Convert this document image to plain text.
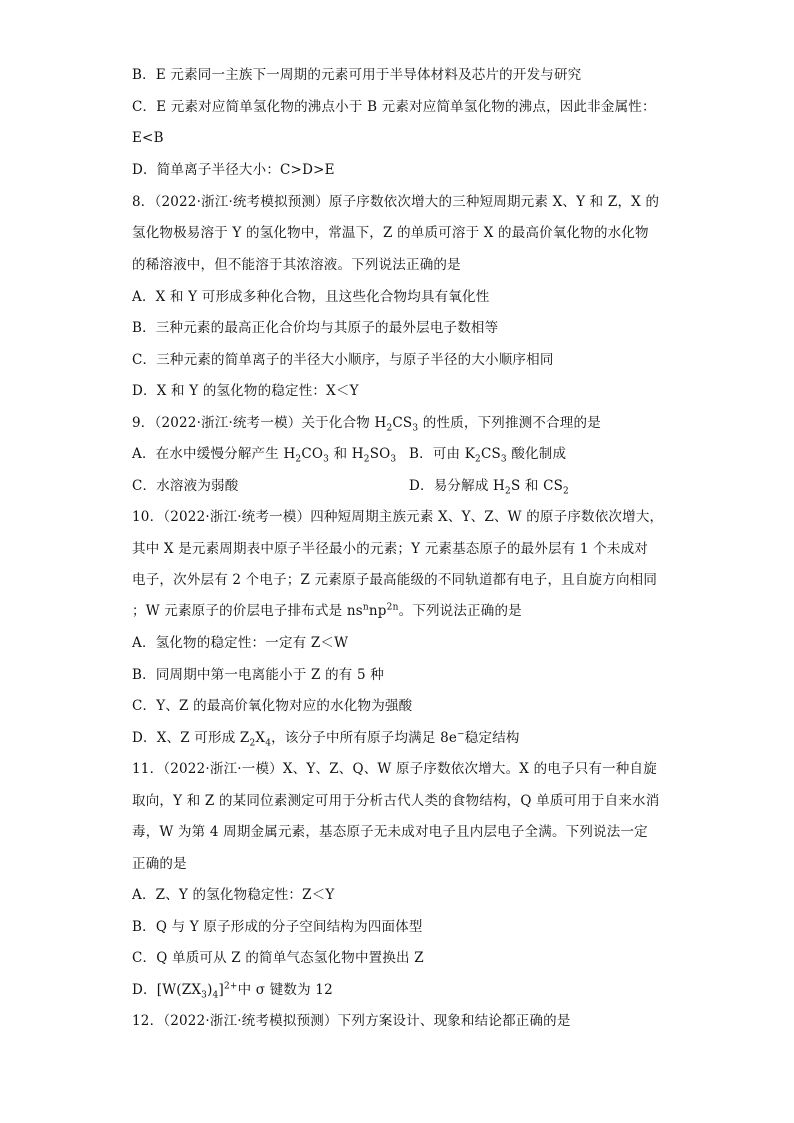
B．E 元素同一主族下一周期的元素可用于半导体材料及芯片的开发与研究
C．E 元素对应简单氢化物的沸点小于 B 元素对应简单氢化物的沸点，因此非金属性：
E<B
D．简单离子半径大小：C>D>E
8．（2022·浙江·统考模拟预测）原子序数依次增大的三种短周期元素 X、Y 和 Z，X 的
氢化物极易溶于 Y 的氢化物中，常温下，Z 的单质可溶于 X 的最高价氧化物的水化物
的稀溶液中，但不能溶于其浓溶液。下列说法正确的是
A．X 和 Y 可形成多种化合物，且这些化合物均具有氧化性
B．三种元素的最高正化合价均与其原子的最外层电子数相等
C．三种元素的简单离子的半径大小顺序，与原子半径的大小顺序相同
D．X 和 Y 的氢化物的稳定性：X＜Y
9．（2022·浙江·统考一模）关于化合物 $H_2CS_3$ 的性质，下列推测不合理的是
A．在水中缓慢分解产生 $H_2CO_3$ 和 $H_2SO_3$ B．可由 $K_2CS_3$ 酸化制成
C．水溶液为弱酸	D．易分解成 $H_2S$ 和 $CS_2$
10．（2022·浙江·统考一模）四种短周期主族元素 X、Y、Z、W 的原子序数依次增大，
其中 X 是元素周期表中原子半径最小的元素；Y 元素基态原子的最外层有 1 个未成对
电子，次外层有 2 个电子；Z 元素原子最高能级的不同轨道都有电子，且自旋方向相同
；W 元素原子的价层电子排布式是 $ns^nnp^{2n}$。下列说法正确的是
A．氢化物的稳定性：一定有 Z＜W
B．同周期中第一电离能小于 Z 的有 5 种
C．Y、Z 的最高价氧化物对应的水化物为强酸
D．X、Z 可形成 $Z_2X_4$，该分子中所有原子均满足 8e−稳定结构
11．（2022·浙江·一模）X、Y、Z、Q、W 原子序数依次增大。X 的电子只有一种自旋
取向，Y 和 Z 的某同位素测定可用于分析古代人类的食物结构，Q 单质可用于自来水消
毒，W 为第 4 周期金属元素，基态原子无未成对电子且内层电子全满。下列说法一定
正确的是
A．Z、Y 的氢化物稳定性：Z＜Y
B．Q 与 Y 原子形成的分子空间结构为四面体型
C．Q 单质可从 Z 的简单气态氢化物中置换出 Z
D．$[W(ZX_3)_4]^{2+}$中 σ 键数为 12
12．（2022·浙江·统考模拟预测）下列方案设计、现象和结论都正确的是
